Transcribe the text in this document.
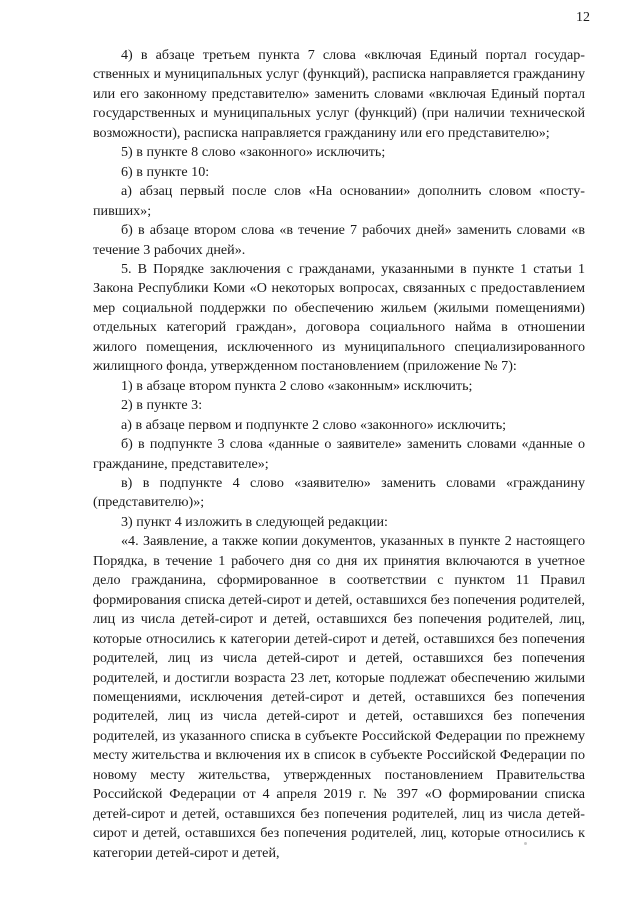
12

4) в абзаце третьем пункта 7 слова «включая Единый портал государственных и муниципальных услуг (функций), расписка направляется гражданину или его законному представителю» заменить словами «включая Единый портал государственных и муниципальных услуг (функций) (при наличии технической возможности), расписка направляется гражданину или его представителю»;

5) в пункте 8 слово «законного» исключить;

6) в пункте 10:

а) абзац первый после слов «На основании» дополнить словом «поступивших»;

б) в абзаце втором слова «в течение 7 рабочих дней» заменить словами «в течение 3 рабочих дней».

5. В Порядке заключения с гражданами, указанными в пункте 1 статьи 1 Закона Республики Коми «О некоторых вопросах, связанных с предоставлением мер социальной поддержки по обеспечению жильем (жилыми помещениями) отдельных категорий граждан», договора социального найма в отношении жилого помещения, исключенного из муниципального специализированного жилищного фонда, утвержденном постановлением (приложение № 7):

1) в абзаце втором пункта 2 слово «законным» исключить;

2) в пункте 3:

а) в абзаце первом и подпункте 2 слово «законного» исключить;

б) в подпункте 3 слова «данные о заявителе» заменить словами «данные о гражданине, представителе»;

в) в подпункте 4 слово «заявителю» заменить словами «гражданину (представителю)»;

3) пункт 4 изложить в следующей редакции:

«4. Заявление, а также копии документов, указанных в пункте 2 настоящего Порядка, в течение 1 рабочего дня со дня их принятия включаются в учетное дело гражданина, сформированное в соответствии с пунктом 11 Правил формирования списка детей-сирот и детей, оставшихся без попечения родителей, лиц из числа детей-сирот и детей, оставшихся без попечения родителей, лиц, которые относились к категории детей-сирот и детей, оставшихся без попечения родителей, лиц из числа детей-сирот и детей, оставшихся без попечения родителей, и достигли возраста 23 лет, которые подлежат обеспечению жилыми помещениями, исключения детей-сирот и детей, оставшихся без попечения родителей, лиц из числа детей-сирот и детей, оставшихся без попечения родителей, из указанного списка в субъекте Российской Федерации по прежнему месту жительства и включения их в список в субъекте Российской Федерации по новому месту жительства, утвержденных постановлением Правительства Российской Федерации от 4 апреля 2019 г. № 397 «О формировании списка детей-сирот и детей, оставшихся без попечения родителей, лиц из числа детей-сирот и детей, оставшихся без попечения родителей, лиц, которые относились к категории детей-сирот и детей,
